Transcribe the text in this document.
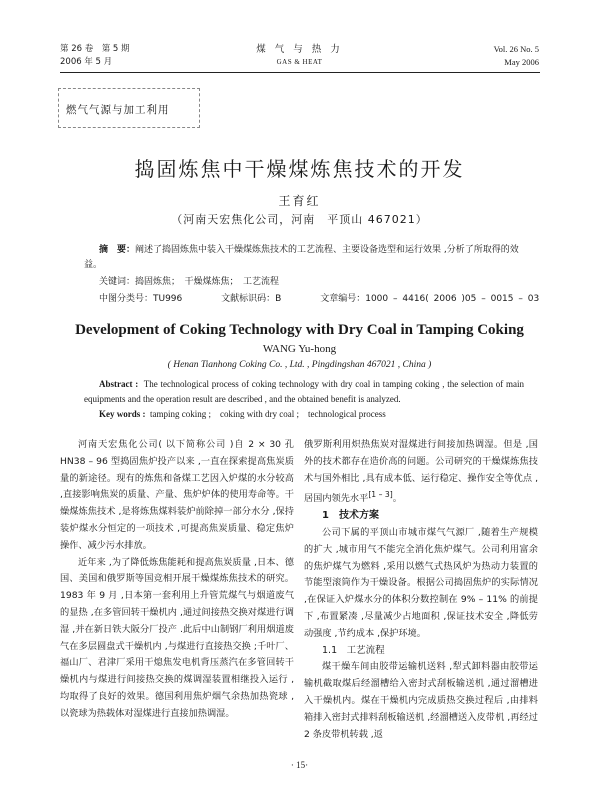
第 26 卷　第 5 期
2006 年 5 月
煤 气 与 热 力
GAS & HEAT
Vol. 26 No. 5
May 2006
燃气气源与加工利用
捣固炼焦中干燥煤炼焦技术的开发
王育红
（河南天宏焦化公司，河南　平顶山 467021）
摘　要：阐述了捣固炼焦中装入干燥煤炼焦技术的工艺流程、主要设备选型和运行效果 ,分析了所取得的效益。
关键词：捣固炼焦；　干燥煤炼焦；　工艺流程
中图分类号：TU996	文献标识码：B	文章编号：1000 – 4416( 2006 )05 – 0015 – 03
Development of Coking Technology with Dry Coal in Tamping Coking
WANG Yu-hong
( Henan Tianhong Coking Co. , Ltd. , Pingdingshan 467021 , China )
Abstract : The technological process of coking technology with dry coal in tamping coking , the selection of main equipments and the operation result are described , and the obtained benefit is analyzed.
Key words : tamping coking ;　coking with dry coal ;　technological process

河南天宏焦化公司( 以下简称公司 )自 2 × 30 孔 HN38 – 96 型捣固焦炉投产以来 ,一直在探索提高焦炭质量的新途径。现有的炼焦和备煤工艺因入炉煤的水分较高 ,直接影响焦炭的质量、产量、焦炉炉体的使用寿命等。干燥煤炼焦技术 ,是将炼焦煤料装炉前除掉一部分水分 ,保持装炉煤水分恒定的一项技术 ,可提高焦炭质量、稳定焦炉操作、减少污水排放。

近年来 ,为了降低炼焦能耗和提高焦炭质量 ,日本、德国、美国和俄罗斯等国竞相开展干燥煤炼焦技术的研究。1983 年 9 月 ,日本第一套利用上升管荒煤气与烟道废气的显热 ,在多管回转干燥机内 ,通过间接热交换对煤进行调湿 ,并在新日铁大阪分厂投产 .此后中山制钢厂利用烟道废气在多层圆盘式干燥机内 ,与煤进行直接热交换 ;千叶厂、福山厂、君津厂采用干熄焦发电机背压蒸汽在多管回转干燥机内与煤进行间接热交换的煤调湿装置相继投入运行 ,均取得了良好的效果。德国利用焦炉烟气余热加热瓷球 ,以瓷球为热载体对湿煤进行直接加热调湿。

俄罗斯利用炽热焦炭对湿煤进行间接加热调湿。但是 ,国外的技术都存在造价高的问题。公司研究的干燥煤炼焦技术与国外相比 ,具有成本低、运行稳定、操作安全等优点 ,居国内领先水平[1 – 3]。

1　技术方案

公司下属的平顶山市城市煤气气源厂 ,随着生产规模的扩大 ,城市用气不能完全消化焦炉煤气。公司利用富余的焦炉煤气为燃料 ,采用以燃气式热风炉为热动力装置的节能型滚筒作为干燥设备。根据公司捣固焦炉的实际情况 ,在保证入炉煤水分的体积分数控制在 9% – 11% 的前提下 ,布置紧凑 ,尽量减少占地面积 ,保证技术安全 ,降低劳动强度 ,节约成本 ,保护环境。

1.1　工艺流程

煤干燥车间由胶带运输机送料 ,犁式卸料器由胶带运输机截取煤后经溜槽给入密封式刮板输送机 ,通过溜槽进入干燥机内。煤在干燥机内完成质热交换过程后 ,由排料箱排入密封式排料刮板输送机 ,经溜槽送入皮带机 ,再经过 2 条皮带机转载 ,返

· 15·
